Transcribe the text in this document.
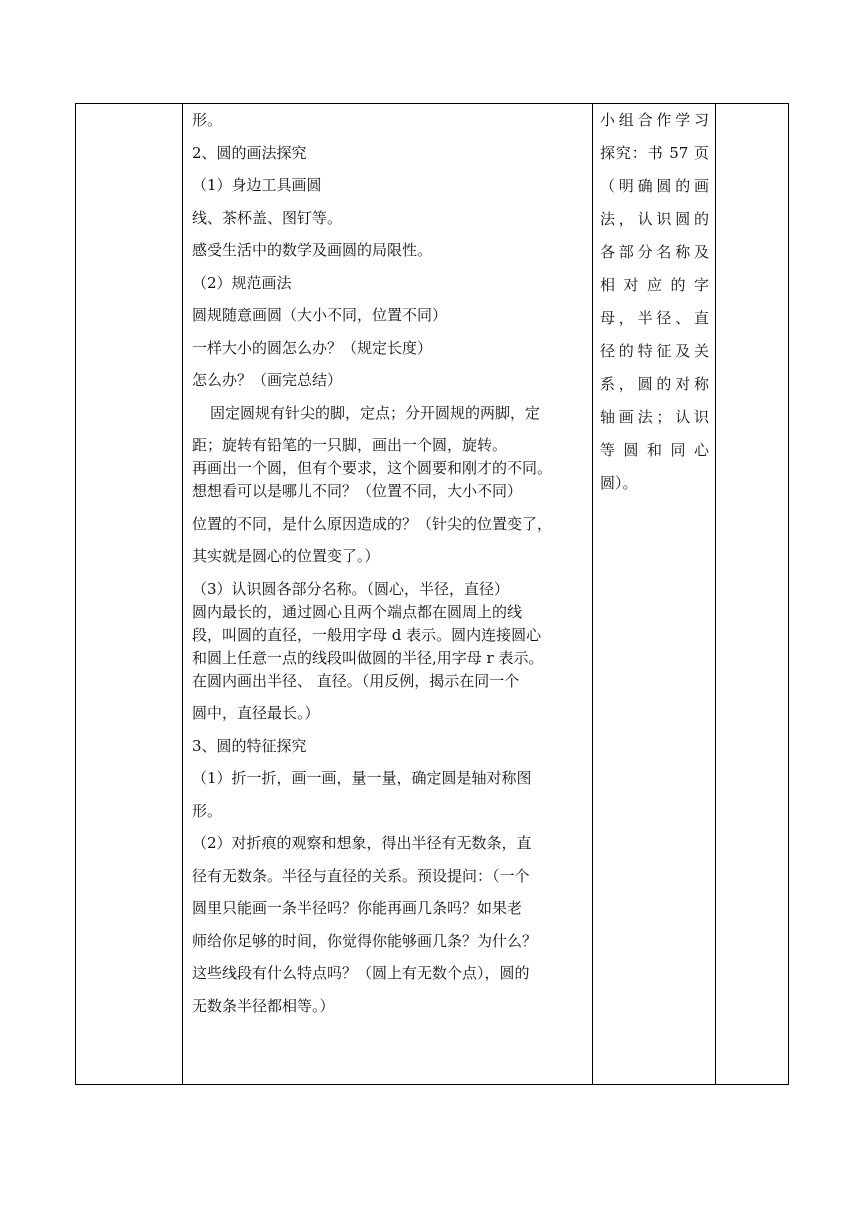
形。

2、圆的画法探究

（1）身边工具画圆

线、茶杯盖、图钉等。

感受生活中的数学及画圆的局限性。

（2）规范画法

圆规随意画圆（大小不同，位置不同）

一样大小的圆怎么办？（规定长度）

怎么办？（画完总结）

固定圆规有针尖的脚，定点；分开圆规的两脚，定

距；旋转有铅笔的一只脚，画出一个圆，旋转。

再画出一个圆，但有个要求，这个圆要和刚才的不同。

想想看可以是哪儿不同？（位置不同，大小不同）

位置的不同，是什么原因造成的？（针尖的位置变了，

其实就是圆心的位置变了。）

（3）认识圆各部分名称。（圆心，半径，直径）

圆内最长的，通过圆心且两个端点都在圆周上的线

段，叫圆的直径，一般用字母 d 表示。圆内连接圆心

和圆上任意一点的线段叫做圆的半径,用字母 r 表示。

在圆内画出半径、 直径。（用反例，揭示在同一个

圆中，直径最长。）

3、圆的特征探究

（1）折一折，画一画，量一量，确定圆是轴对称图

形。

（2）对折痕的观察和想象，得出半径有无数条，直

径有无数条。半径与直径的关系。预设提问：（一个

圆里只能画一条半径吗？你能再画几条吗？如果老

师给你足够的时间，你觉得你能够画几条？为什么？

这些线段有什么特点吗？（圆上有无数个点），圆的

无数条半径都相等。）

小组合作学习

探究：书 57 页

（明确圆的画

法，认识圆的

各部分名称及

相对应的字

母，半径、直

径的特征及关

系，圆的对称

轴画法；认识

等圆和同心

圆）。
